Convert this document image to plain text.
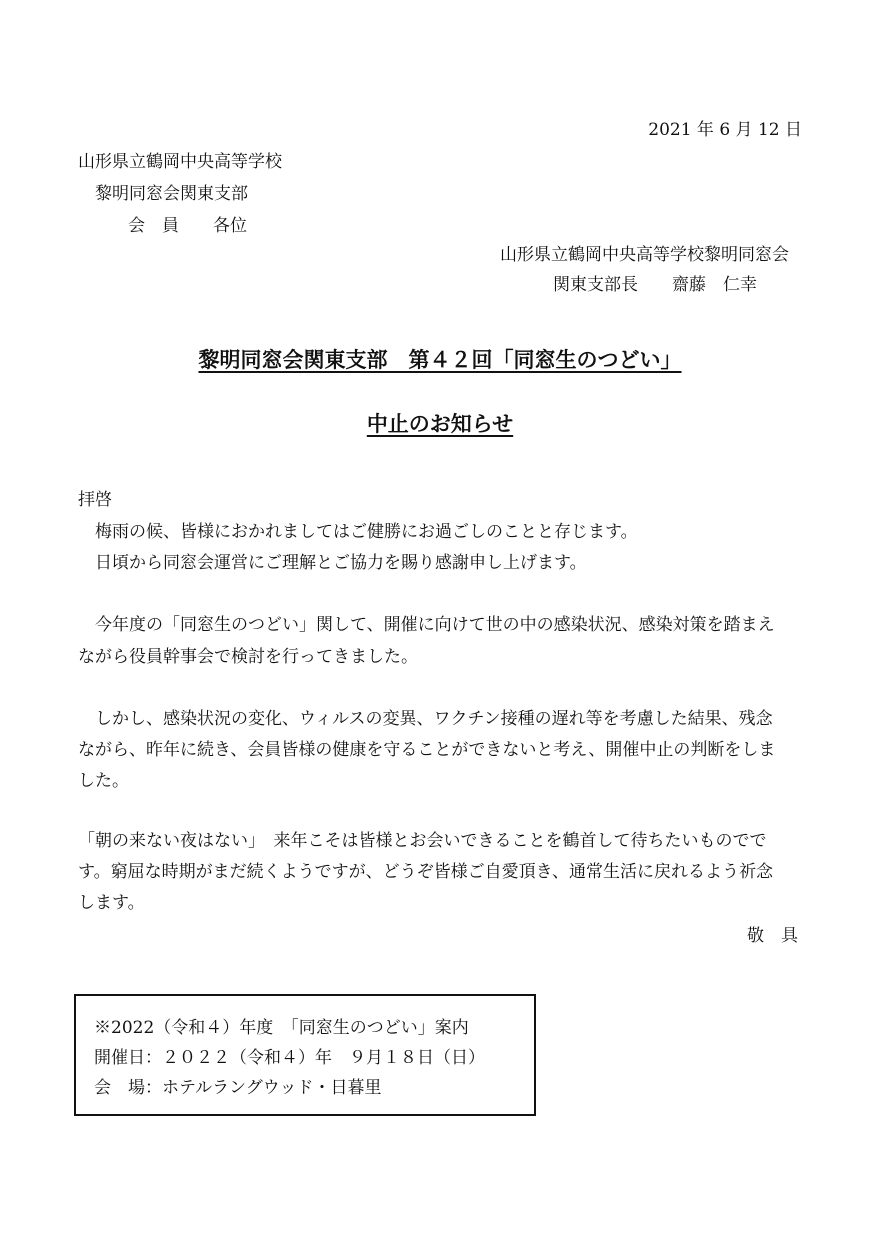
2021 年 6 月 12 日

山形県立鶴岡中央高等学校

黎明同窓会関東支部

会　員　　各位

山形県立鶴岡中央高等学校黎明同窓会

関東支部長　　齋藤　仁幸

黎明同窓会関東支部　第４２回「同窓生のつどい」

中止のお知らせ

拝啓

梅雨の候、皆様におかれましてはご健勝にお過ごしのことと存じます。

日頃から同窓会運営にご理解とご協力を賜り感謝申し上げます。

今年度の「同窓生のつどい」関して、開催に向けて世の中の感染状況、感染対策を踏まえ

ながら役員幹事会で検討を行ってきました。

しかし、感染状況の変化、ウィルスの変異、ワクチン接種の遅れ等を考慮した結果、残念

ながら、昨年に続き、会員皆様の健康を守ることができないと考え、開催中止の判断をしま

した。

「朝の来ない夜はない」　来年こそは皆様とお会いできることを鶴首して待ちたいものでで

す。窮屈な時期がまだ続くようですが、どうぞ皆様ご自愛頂き、通常生活に戻れるよう祈念

します。

敬　具

※2022（令和４）年度　「同窓生のつどい」案内

開催日：２０２２（令和４）年　９月１８日（日）

会　場：ホテルラングウッド・日暮里
